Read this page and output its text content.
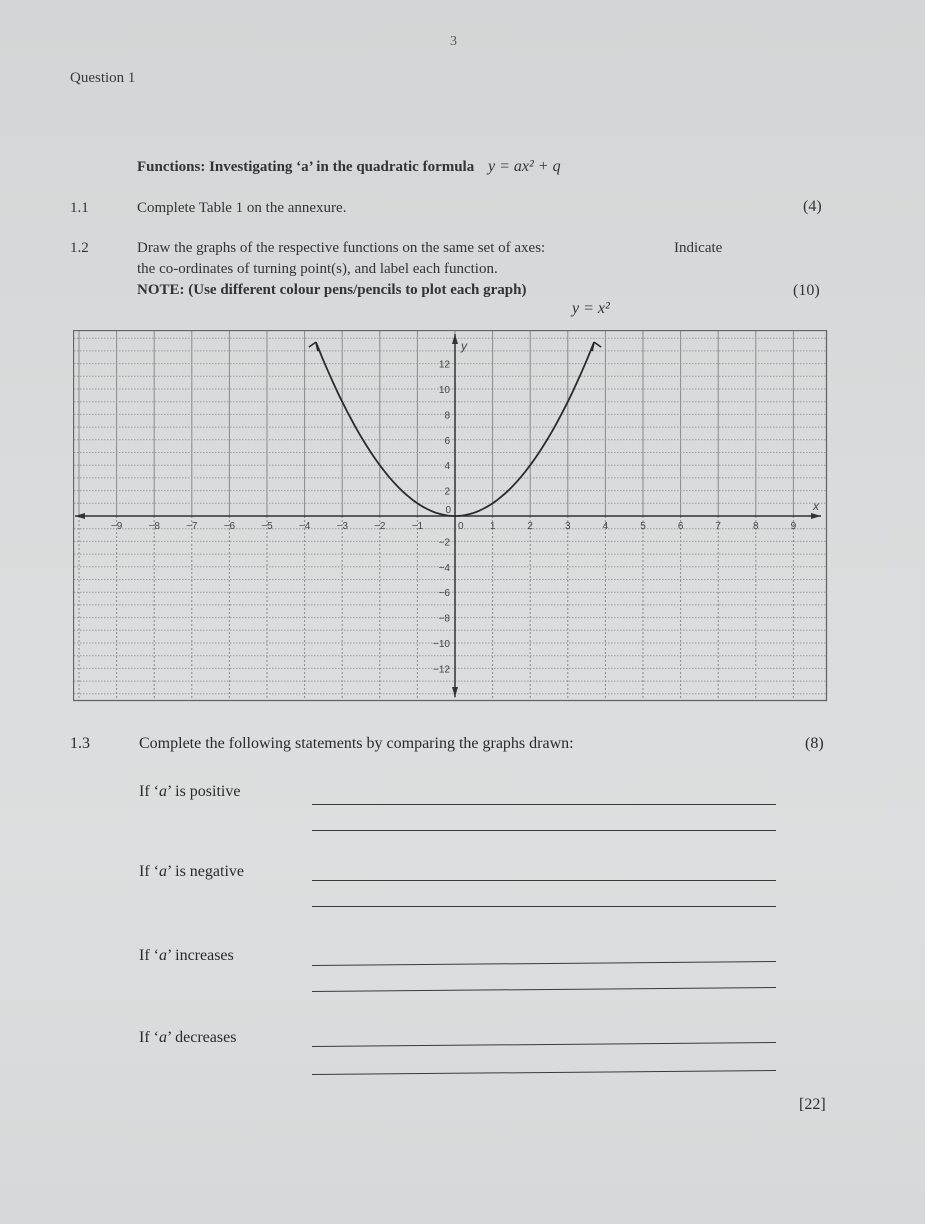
3
Question 1
Functions: Investigating ‘a’ in the quadratic formula y = ax² + q
1.1	Complete Table 1 on the annexure.	(4)
1.2	Draw the graphs of the respective functions on the same set of axes:	Indicate
the co-ordinates of turning point(s), and label each function.
NOTE: (Use different colour pens/pencils to plot each graph)	(10)
y = x²
−9	−8	−7	−6	−5	−4	−3	−2	−1	0	1	2	3	4	5	6	7	8	9
−12
−10
−8
−6
−4
−2
0
2
4
6
8
10
12
x
y
1.3	Complete the following statements by comparing the graphs drawn:	(8)
If ‘a’ is positive
If ‘a’ is negative
If ‘a’ increases
If ‘a’ decreases
[22]
